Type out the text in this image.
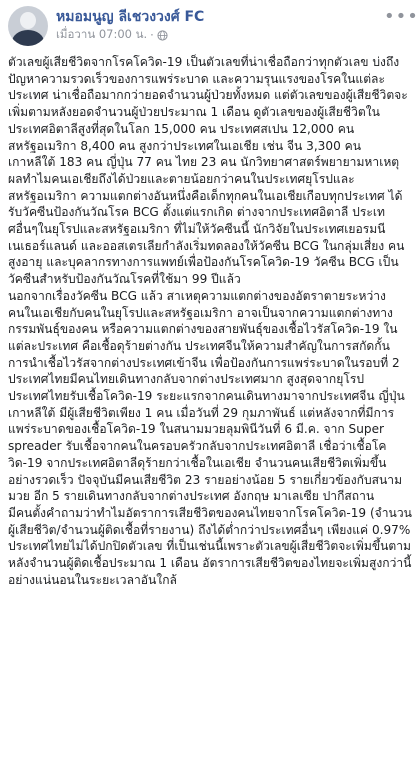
หมอมนูญ ลีเชวงวงศ์ FC
เมื่อวาน 07:00 น. ·
•••

ตัวเลขผู้เสียชีวิตจากโรคโควิด-19 เป็นตัวเลขที่น่าเชื่อถือกว่าทุกตัวเลข บ่งถึงปัญหาความรวดเร็วของการแพร่ระบาด และความรุนแรงของโรคในแต่ละประเทศ น่าเชื่อถือมากกว่ายอดจำนวนผู้ป่วยทั้งหมด แต่ตัวเลขของผู้เสียชีวิตจะเพิ่มตามหลังยอดจำนวนผู้ป่วยประมาณ 1 เดือน ดูตัวเลขของผู้เสียชีวิตในประเทศอิตาลีสูงที่สุดในโลก 15,000 คน ประเทศสเปน 12,000 คน สหรัฐอเมริกา 8,400 คน สูงกว่าประเทศในเอเชีย เช่น จีน 3,300 คน เกาหลีใต้ 183 คน ญี่ปุ่น 77 คน ไทย 23 คน นักวิทยาศาสตร์พยายามหาเหตุผลทำไมคนเอเชียถึงได้ป่วยและตายน้อยกว่าคนในประเทศยุโรปและสหรัฐอเมริกา ความแตกต่างอันหนึ่งคือเด็กทุกคนในเอเชียเกือบทุกประเทศ ได้รับวัคซีนป้องกันวัณโรค BCG ตั้งแต่แรกเกิด ต่างจากประเทศอิตาลี ประเทศอื่นๆในยุโรปและสหรัฐอเมริกา ที่ไม่ให้วัคซีนนี้ นักวิจัยในประเทศเยอรมนี เนเธอร์แลนด์ และออสเตรเลียกำลังเริ่มทดลองให้วัคซีน BCG ในกลุ่มเสี่ยง คนสูงอายุ และบุคลากรทางการแพทย์เพื่อป้องกันโรคโควิด-19 วัคซีน BCG เป็นวัคซีนสำหรับป้องกันวัณโรคที่ใช้มา 99 ปีแล้ว

นอกจากเรื่องวัคซีน BCG แล้ว สาเหตุความแตกต่างของอัตราตายระหว่างคนในเอเชียกับคนในยุโรปและสหรัฐอเมริกา อาจเป็นจากความแตกต่างทางกรรมพันธุ์ของคน หรือความแตกต่างของสายพันธุ์ของเชื้อไวรัสโควิด-19 ในแต่ละประเทศ คือเชื้อดุร้ายต่างกัน ประเทศจีนให้ความสำคัญในการสกัดกั้นการนำเชื้อไวรัสจากต่างประเทศเข้าจีน เพื่อป้องกันการแพร่ระบาดในรอบที่ 2 ประเทศไทยมีคนไทยเดินทางกลับจากต่างประเทศมาก สูงสุดจากยุโรป

ประเทศไทยรับเชื้อโควิด-19 ระยะแรกจากคนเดินทางมาจากประเทศจีน ญี่ปุ่น เกาหลีใต้ มีผู้เสียชีวิตเพียง 1 คน เมื่อวันที่ 29 กุมภาพันธ์ แต่หลังจากที่มีการแพร่ระบาดของเชื้อโควิด-19 ในสนามมวยลุมพินีวันที่ 6 มี.ค. จาก Super spreader รับเชื้อจากคนในครอบครัวกลับจากประเทศอิตาลี เชื่อว่าเชื้อโควิด-19 จากประเทศอิตาลีดุร้ายกว่าเชื้อในเอเชีย จำนวนคนเสียชีวิตเพิ่มขึ้นอย่างรวดเร็ว ปัจจุบันมีคนเสียชีวิต 23 รายอย่างน้อย 5 รายเกี่ยวข้องกับสนามมวย อีก 5 รายเดินทางกลับจากต่างประเทศ อังกฤษ มาเลเซีย ปากีสถาน

มีคนตั้งคำถามว่าทำไมอัตราการเสียชีวิตของคนไทยจากโรคโควิด-19 (จำนวนผู้เสียชีวิต/จำนวนผู้ติดเชื้อที่รายงาน) ถึงได้ต่ำกว่าประเทศอื่นๆ เพียงแค่ 0.97% ประเทศไทยไม่ได้ปกปิดตัวเลข ที่เป็นเช่นนี้เพราะตัวเลขผู้เสียชีวิตจะเพิ่มขึ้นตามหลังจำนวนผู้ติดเชื้อประมาณ 1 เดือน อัตราการเสียชีวิตของไทยจะเพิ่มสูงกว่านี้อย่างแน่นอนในระยะเวลาอันใกล้
